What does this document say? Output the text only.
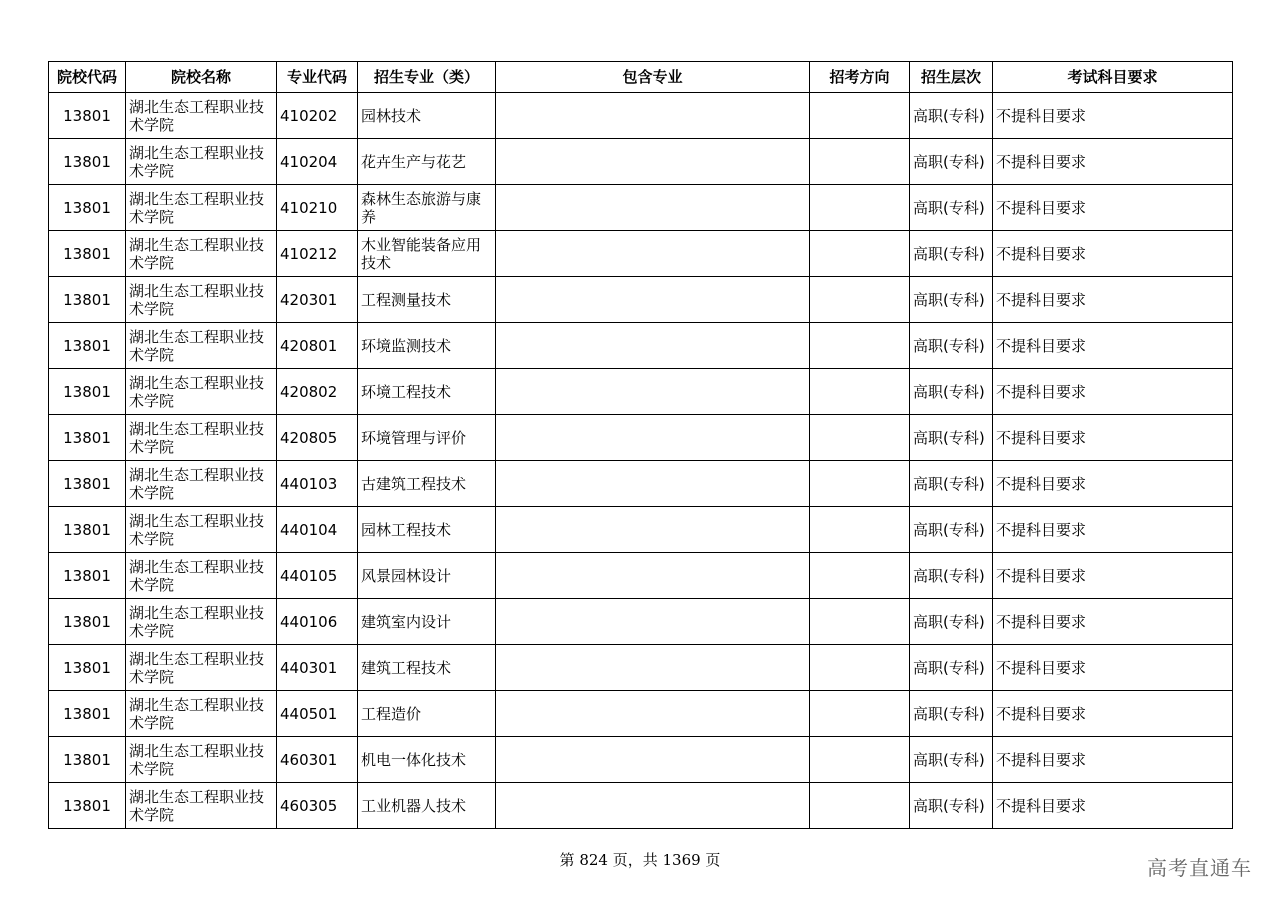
院校代码	院校名称	专业代码	招生专业（类）	包含专业	招考方向	招生层次	考试科目要求
13801	湖北生态工程职业技术学院	410202	园林技术			高职(专科)	不提科目要求
13801	湖北生态工程职业技术学院	410204	花卉生产与花艺			高职(专科)	不提科目要求
13801	湖北生态工程职业技术学院	410210	森林生态旅游与康养			高职(专科)	不提科目要求
13801	湖北生态工程职业技术学院	410212	木业智能装备应用技术			高职(专科)	不提科目要求
13801	湖北生态工程职业技术学院	420301	工程测量技术			高职(专科)	不提科目要求
13801	湖北生态工程职业技术学院	420801	环境监测技术			高职(专科)	不提科目要求
13801	湖北生态工程职业技术学院	420802	环境工程技术			高职(专科)	不提科目要求
13801	湖北生态工程职业技术学院	420805	环境管理与评价			高职(专科)	不提科目要求
13801	湖北生态工程职业技术学院	440103	古建筑工程技术			高职(专科)	不提科目要求
13801	湖北生态工程职业技术学院	440104	园林工程技术			高职(专科)	不提科目要求
13801	湖北生态工程职业技术学院	440105	风景园林设计			高职(专科)	不提科目要求
13801	湖北生态工程职业技术学院	440106	建筑室内设计			高职(专科)	不提科目要求
13801	湖北生态工程职业技术学院	440301	建筑工程技术			高职(专科)	不提科目要求
13801	湖北生态工程职业技术学院	440501	工程造价			高职(专科)	不提科目要求
13801	湖北生态工程职业技术学院	460301	机电一体化技术			高职(专科)	不提科目要求
13801	湖北生态工程职业技术学院	460305	工业机器人技术			高职(专科)	不提科目要求
第 824 页，共 1369 页	高考直通车
